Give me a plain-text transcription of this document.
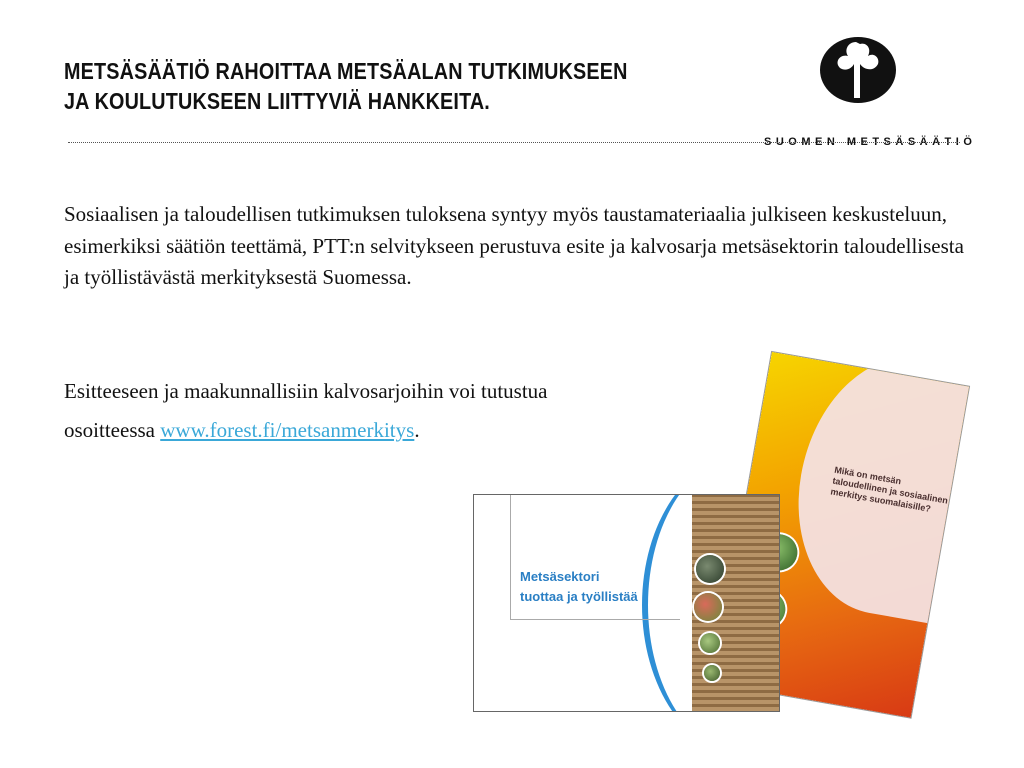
METSÄSÄÄTIÖ RAHOITTAA METSÄALAN TUTKIMUKSEEN
JA KOULUTUKSEEN LIITTYVIÄ HANKKEITA.
SUOMEN METSÄSÄÄTIÖ
Sosiaalisen ja taloudellisen tutkimuksen tuloksena syntyy myös taustamateriaalia julkiseen keskusteluun, esimerkiksi säätiön teettämä, PTT:n selvitykseen perustuva esite ja kalvosarja metsäsektorin taloudellisesta ja työllistävästä merkityksestä Suomessa.
Esitteeseen ja maakunnallisiin kalvosarjoihin voi tutustua
osoitteessa www.forest.fi/metsanmerkitys.
Mikä on metsän taloudellinen ja sosiaalinen merkitys suomalaisille?
Metsäsektori
tuottaa ja työllistää
